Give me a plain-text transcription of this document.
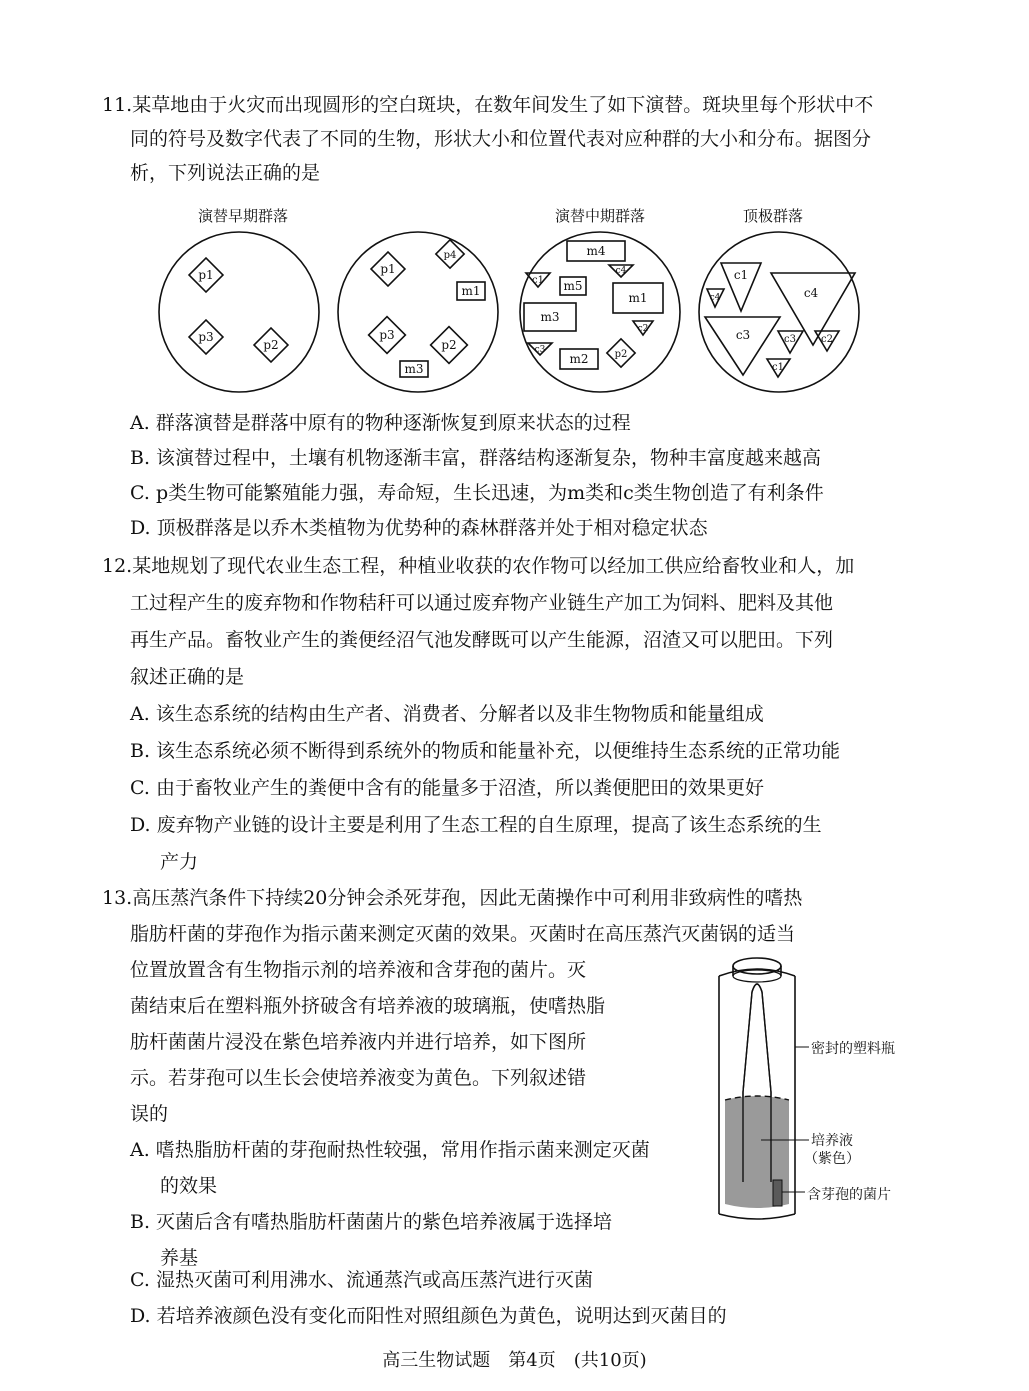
11.某草地由于火灾而出现圆形的空白斑块，在数年间发生了如下演替。斑块里每个形状中不

同的符号及数字代表了不同的生物，形状大小和位置代表对应种群的大小和分布。据图分

析，下列说法正确的是

演替早期群落	演替中期群落	顶极群落
p1
p3
p2
p1
p4
m1
p3
p2
m3
m4
c4
c1 m5
m1
m3
c2
c3
m2	p2
c1
c4	c4
c3	c3	c2
c1

A. 群落演替是群落中原有的物种逐渐恢复到原来状态的过程

B. 该演替过程中，土壤有机物逐渐丰富，群落结构逐渐复杂，物种丰富度越来越高

C. p类生物可能繁殖能力强，寿命短，生长迅速，为m类和c类生物创造了有利条件

D. 顶极群落是以乔木类植物为优势种的森林群落并处于相对稳定状态

12.某地规划了现代农业生态工程，种植业收获的农作物可以经加工供应给畜牧业和人，加

工过程产生的废弃物和作物秸秆可以通过废弃物产业链生产加工为饲料、肥料及其他

再生产品。畜牧业产生的粪便经沼气池发酵既可以产生能源，沼渣又可以肥田。下列

叙述正确的是

A. 该生态系统的结构由生产者、消费者、分解者以及非生物物质和能量组成

B. 该生态系统必须不断得到系统外的物质和能量补充，以便维持生态系统的正常功能

C. 由于畜牧业产生的粪便中含有的能量多于沼渣，所以粪便肥田的效果更好

D. 废弃物产业链的设计主要是利用了生态工程的自生原理，提高了该生态系统的生

产力

13.高压蒸汽条件下持续20分钟会杀死芽孢，因此无菌操作中可利用非致病性的嗜热

脂肪杆菌的芽孢作为指示菌来测定灭菌的效果。灭菌时在高压蒸汽灭菌锅的适当

位置放置含有生物指示剂的培养液和含芽孢的菌片。灭

菌结束后在塑料瓶外挤破含有培养液的玻璃瓶，使嗜热脂

肪杆菌菌片浸没在紫色培养液内并进行培养，如下图所

示。若芽孢可以生长会使培养液变为黄色。下列叙述错

误的

A. 嗜热脂肪杆菌的芽孢耐热性较强，常用作指示菌来测定灭菌

的效果

B. 灭菌后含有嗜热脂肪杆菌菌片的紫色培养液属于选择培

养基

密封的塑料瓶
培养液
（紫色）
含芽孢的菌片

C. 湿热灭菌可利用沸水、流通蒸汽或高压蒸汽进行灭菌

D. 若培养液颜色没有变化而阳性对照组颜色为黄色，说明达到灭菌目的

高三生物试题　第4页　(共10页)
